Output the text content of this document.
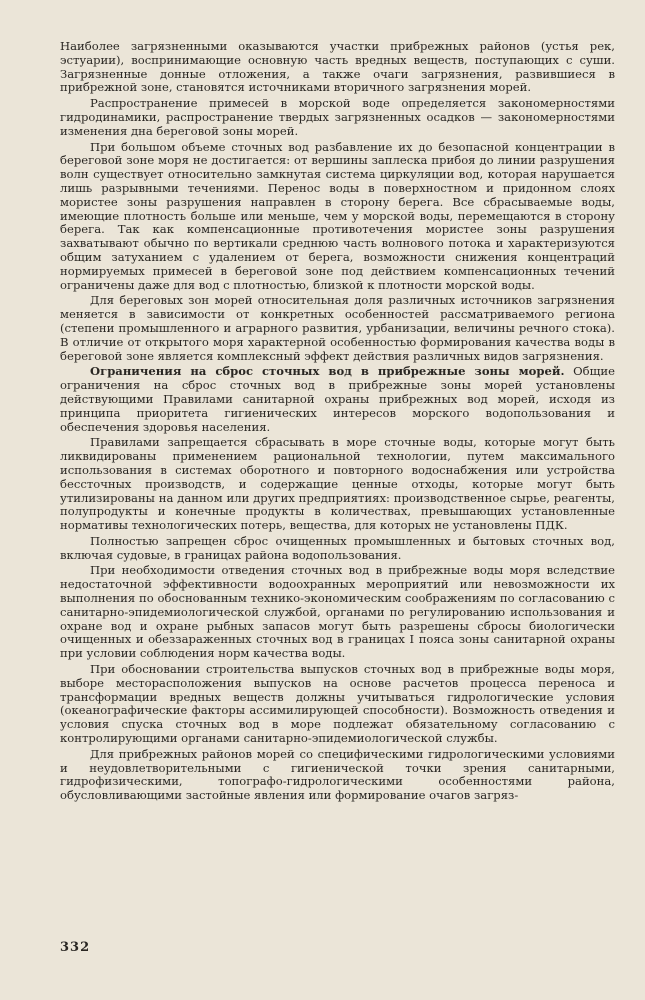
Наиболее загрязненными оказываются участки прибрежных районов (устья рек, эстуарии), воспринимающие основную часть вредных веществ, поступающих с суши. Загрязненные донные отложения, а также очаги загрязнения, развившиеся в прибрежной зоне, становятся источниками вторичного загрязнения морей.

Распространение примесей в морской воде определяется закономерностями гидродинамики, распространение твердых загрязненных осадков — закономерностями изменения дна береговой зоны морей.

При большом объеме сточных вод разбавление их до безопасной концентрации в береговой зоне моря не достигается: от вершины заплеска прибоя до линии разрушения волн существует относительно замкнутая система циркуляции вод, которая нарушается лишь разрывными течениями. Перенос воды в поверхностном и придонном слоях мористее зоны разрушения направлен в сторону берега. Все сбрасываемые воды, имеющие плотность больше или меньше, чем у морской воды, перемещаются в сторону берега. Так как компенсационные противотечения мористее зоны разрушения захватывают обычно по вертикали среднюю часть волнового потока и характеризуются общим затуханием с удалением от берега, возможности снижения концентраций нормируемых примесей в береговой зоне под действием компенсационных течений ограничены даже для вод с плотностью, близкой к плотности морской воды.

Для береговых зон морей относительная доля различных источников загрязнения меняется в зависимости от конкретных особенностей рассматриваемого региона (степени промышленного и аграрного развития, урбанизации, величины речного стока). В отличие от открытого моря характерной особенностью формирования качества воды в береговой зоне является комплексный эффект действия различных видов загрязнения.

Ограничения на сброс сточных вод в прибрежные зоны морей. Общие ограничения на сброс сточных вод в прибрежные зоны морей установлены действующими Правилами санитарной охраны прибрежных вод морей, исходя из принципа приоритета гигиенических интересов морского водопользования и обеспечения здоровья населения.

Правилами запрещается сбрасывать в море сточные воды, которые могут быть ликвидированы применением рациональной технологии, путем максимального использования в системах оборотного и повторного водоснабжения или устройства бессточных производств, и содержащие ценные отходы, которые могут быть утилизированы на данном или других предприятиях: производственное сырье, реагенты, полупродукты и конечные продукты в количествах, превышающих установленные нормативы технологических потерь, вещества, для которых не установлены ПДК.

Полностью запрещен сброс очищенных промышленных и бытовых сточных вод, включая судовые, в границах района водопользования.

При необходимости отведения сточных вод в прибрежные воды моря вследствие недостаточной эффективности водоохранных мероприятий или невозможности их выполнения по обоснованным технико-экономическим соображениям по согласованию с санитарно-эпидемиологической службой, органами по регулированию использования и охране вод и охране рыбных запасов могут быть разрешены сбросы биологически очищенных и обеззараженных сточных вод в границах I пояса зоны санитарной охраны при условии соблюдения норм качества воды.

При обосновании строительства выпусков сточных вод в прибрежные воды моря, выборе месторасположения выпусков на основе расчетов процесса переноса и трансформации вредных веществ должны учитываться гидрологические условия (океанографические факторы ассимилирующей способности). Возможность отведения и условия спуска сточных вод в море подлежат обязательному согласованию с контролирующими органами санитарно-эпидемиологической службы.

Для прибрежных районов морей со специфическими гидрологическими условиями и неудовлетворительными с гигиенической точки зрения санитарными, гидрофизическими, топографо-гидрологическими особенностями района, обусловливающими застойные явления или формирование очагов загряз-

332
